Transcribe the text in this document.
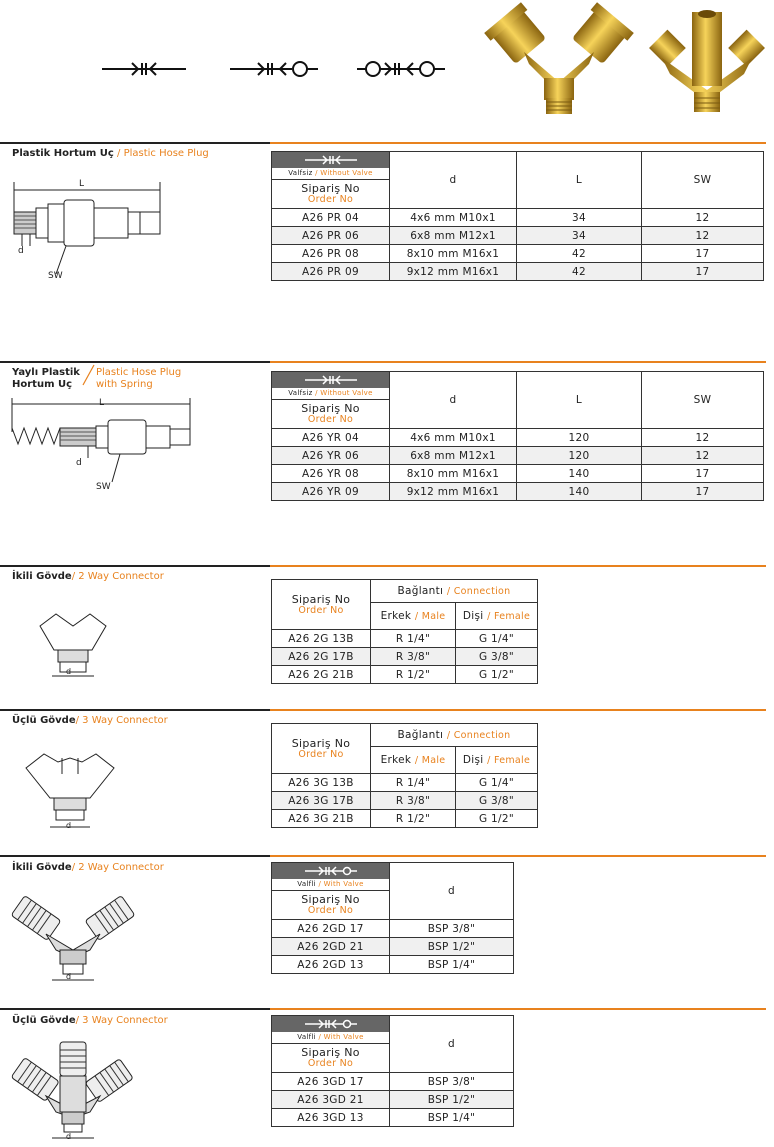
Plastik Hortum Uç / Plastic Hose Plug
L
d
SW
Valfsiz / Without Valve
Sipariş No
Order No	d	L	SW
A26 PR 04	4x6 mm M10x1	34	12
A26 PR 06	6x8 mm M12x1	34	12
A26 PR 08	8x10 mm M16x1	42	17
A26 PR 09	9x12 mm M16x1	42	17
Yaylı Plastik
Hortum Uç
Plastic Hose Plug
with Spring
L
d
SW
Valfsiz / Without Valve
Sipariş No
Order No	d	L	SW
A26 YR 04	4x6 mm M10x1	120	12
A26 YR 06	6x8 mm M12x1	120	12
A26 YR 08	8x10 mm M16x1	140	17
A26 YR 09	9x12 mm M16x1	140	17
İkili Gövde/ 2 Way Connector
d
Sipariş No
Order No	Bağlantı / Connection	
	Erkek / Male	Dişi / Female
A26 2G 13B	R 1/4"	G 1/4"
A26 2G 17B	R 3/8"	G 3/8"
A26 2G 21B	R 1/2"	G 1/2"
Üçlü Gövde/ 3 Way Connector
d
Sipariş No
Order No	Bağlantı / Connection	
	Erkek / Male	Dişi / Female
A26 3G 13B	R 1/4"	G 1/4"
A26 3G 17B	R 3/8"	G 3/8"
A26 3G 21B	R 1/2"	G 1/2"
İkili Gövde/ 2 Way Connector
d
Valfli / With Valve
Sipariş No
Order No	d
A26 2GD 17	BSP 3/8"
A26 2GD 21	BSP 1/2"
A26 2GD 13	BSP 1/4"
Üçlü Gövde/ 3 Way Connector
d
Valfli / With Valve
Sipariş No
Order No	d
A26 3GD 17	BSP 3/8"
A26 3GD 21	BSP 1/2"
A26 3GD 13	BSP 1/4"
